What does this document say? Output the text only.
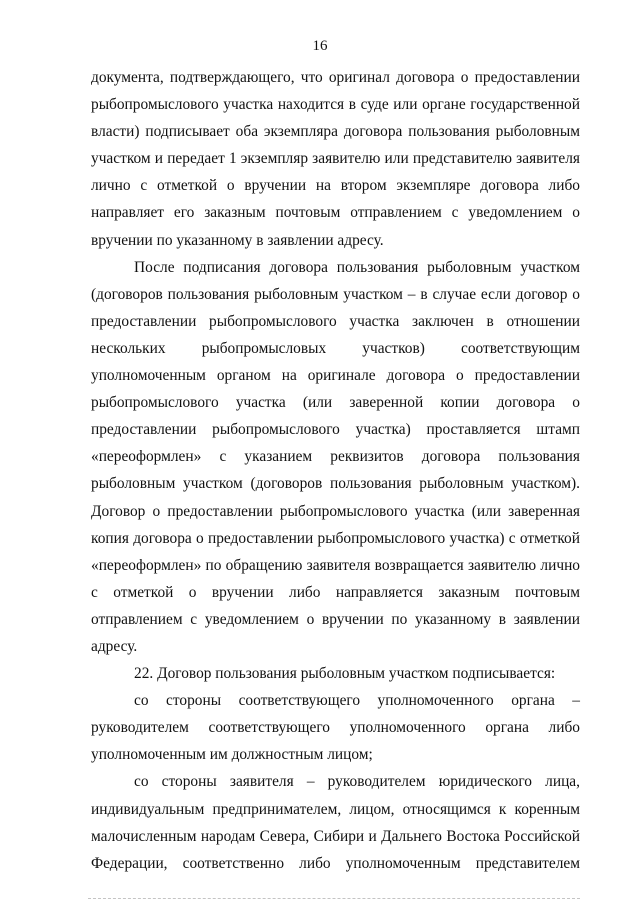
16

документа, подтверждающего, что оригинал договора о предоставлении рыбопромыслового участка находится в суде или органе государственной власти) подписывает оба экземпляра договора пользования рыболовным участком и передает 1 экземпляр заявителю или представителю заявителя лично с отметкой о вручении на втором экземпляре договора либо направляет его заказным почтовым отправлением с уведомлением о вручении по указанному в заявлении адресу.

После подписания договора пользования рыболовным участком (договоров пользования рыболовным участком – в случае если договор о предоставлении рыбопромыслового участка заключен в отношении нескольких рыбопромысловых участков) соответствующим уполномоченным органом на оригинале договора о предоставлении рыбопромыслового участка (или заверенной копии договора о предоставлении рыбопромыслового участка) проставляется штамп «переоформлен» с указанием реквизитов договора пользования рыболовным участком (договоров пользования рыболовным участком). Договор о предоставлении рыбопромыслового участка (или заверенная копия договора о предоставлении рыбопромыслового участка) с отметкой «переоформлен» по обращению заявителя возвращается заявителю лично с отметкой о вручении либо направляется заказным почтовым отправлением с уведомлением о вручении по указанному в заявлении адресу.

22. Договор пользования рыболовным участком подписывается:

со стороны соответствующего уполномоченного органа – руководителем соответствующего уполномоченного органа либо уполномоченным им должностным лицом;

со стороны заявителя – руководителем юридического лица, индивидуальным предпринимателем, лицом, относящимся к коренным малочисленным народам Севера, Сибири и Дальнего Востока Российской Федерации, соответственно либо уполномоченным представителем
